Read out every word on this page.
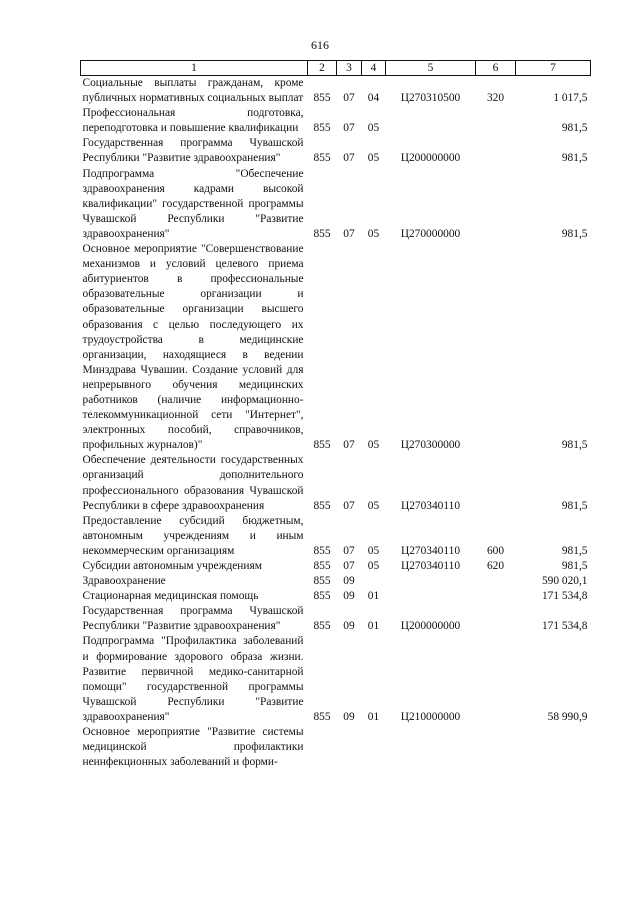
616
1	2	3	4	5	6	7
Социальные выплаты гражданам, кроме публичных нормативных социальных выплат	855	07	04	Ц270310500	320	1 017,5
Профессиональная подготовка, переподготовка и повышение квалификации	855	07	05			981,5
Государственная программа Чувашской Республики "Развитие здравоохранения"	855	07	05	Ц200000000		981,5
Подпрограмма "Обеспечение здравоохранения кадрами высокой квалификации" государственной программы Чувашской Республики "Развитие здравоохранения"	855	07	05	Ц270000000		981,5
Основное мероприятие "Совершенствование механизмов и условий целевого приема абитуриентов в профессиональные образовательные организации и образовательные организации высшего образования с целью последующего их трудоустройства в медицинские организации, находящиеся в ведении Минздрава Чувашии. Создание условий для непрерывного обучения медицинских работников (наличие информационно-телекоммуникационной сети "Интернет", электронных пособий, справочников, профильных журналов)"	855	07	05	Ц270300000		981,5
Обеспечение деятельности государственных организаций дополнительного профессионального образования Чувашской Республики в сфере здравоохранения	855	07	05	Ц270340110		981,5
Предоставление субсидий бюджетным, автономным учреждениям и иным некоммерческим организациям	855	07	05	Ц270340110	600	981,5
Субсидии автономным учреждениям	855	07	05	Ц270340110	620	981,5
Здравоохранение	855	09				590 020,1
Стационарная медицинская помощь	855	09	01			171 534,8
Государственная программа Чувашской Республики "Развитие здравоохранения"	855	09	01	Ц200000000		171 534,8
Подпрограмма "Профилактика заболеваний и формирование здорового образа жизни. Развитие первичной медико-санитарной помощи" государственной программы Чувашской Республики "Развитие здравоохранения"	855	09	01	Ц210000000		58 990,9
Основное мероприятие "Развитие системы медицинской профилактики неинфекционных заболеваний и форми-						
